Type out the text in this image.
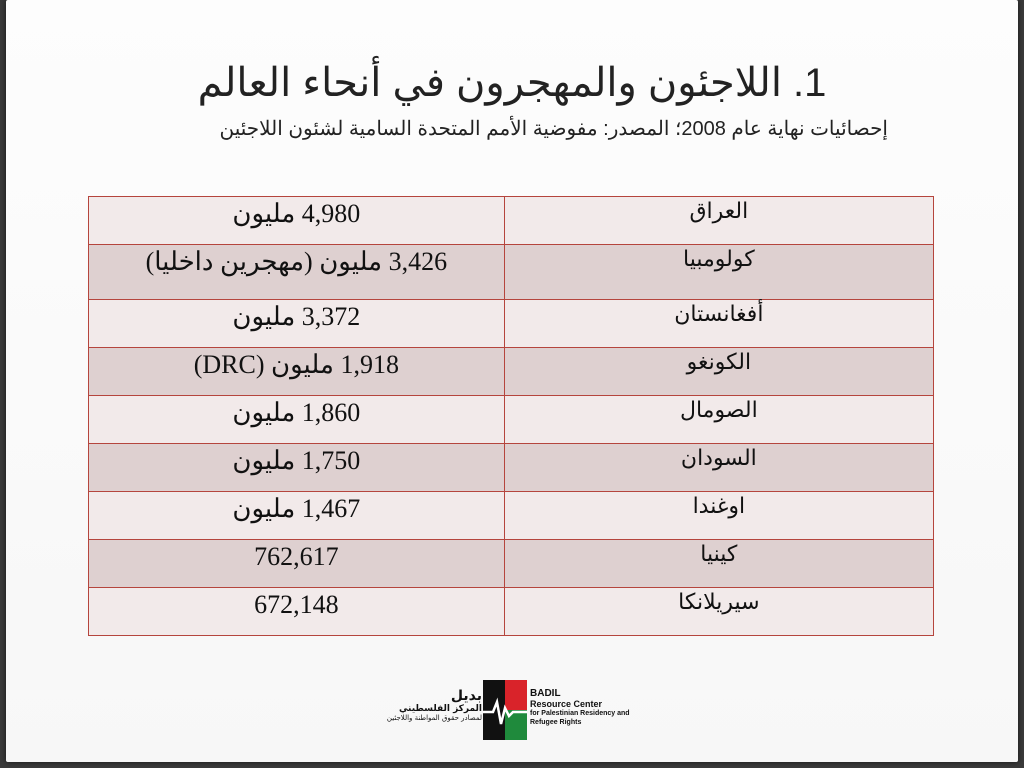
1. اللاجئون والمهجرون في أنحاء العالم
إحصائيات نهاية عام 2008؛ المصدر: مفوضية الأمم المتحدة السامية لشئون اللاجئين
4,980 مليون	العراق
3,426 مليون (مهجرين داخليا)	كولومبيا
3,372 مليون	أفغانستان
1,918 مليون (DRC)	الكونغو
1,860 مليون	الصومال
1,750 مليون	السودان
1,467 مليون	اوغندا
762,617	كينيا
672,148	سيريلانكا
بديل
المركز الفلسطيني
لمصادر حقوق المواطنة واللاجئين
BADIL
Resource Center
for Palestinian Residency and
Refugee Rights
